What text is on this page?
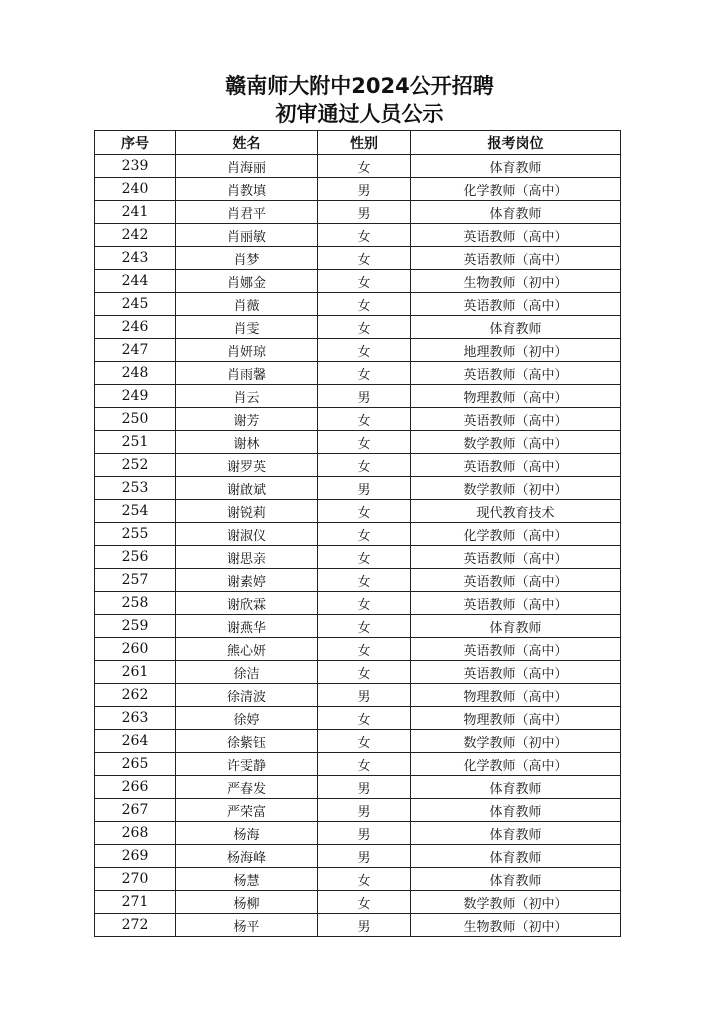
赣南师大附中2024公开招聘
初审通过人员公示
序号	姓名	性别	报考岗位
239	肖海丽	女	体育教师
240	肖教填	男	化学教师（高中）
241	肖君平	男	体育教师
242	肖丽敏	女	英语教师（高中）
243	肖梦	女	英语教师（高中）
244	肖娜金	女	生物教师（初中）
245	肖薇	女	英语教师（高中）
246	肖雯	女	体育教师
247	肖妍琼	女	地理教师（初中）
248	肖雨馨	女	英语教师（高中）
249	肖云	男	物理教师（高中）
250	谢芳	女	英语教师（高中）
251	谢林	女	数学教师（高中）
252	谢罗英	女	英语教师（高中）
253	谢啟斌	男	数学教师（初中）
254	谢锐莉	女	现代教育技术
255	谢淑仪	女	化学教师（高中）
256	谢思亲	女	英语教师（高中）
257	谢素婷	女	英语教师（高中）
258	谢欣霖	女	英语教师（高中）
259	谢燕华	女	体育教师
260	熊心妍	女	英语教师（高中）
261	徐洁	女	英语教师（高中）
262	徐清波	男	物理教师（高中）
263	徐婷	女	物理教师（高中）
264	徐紫钰	女	数学教师（初中）
265	许雯静	女	化学教师（高中）
266	严春发	男	体育教师
267	严荣富	男	体育教师
268	杨海	男	体育教师
269	杨海峰	男	体育教师
270	杨慧	女	体育教师
271	杨柳	女	数学教师（初中）
272	杨平	男	生物教师（初中）
